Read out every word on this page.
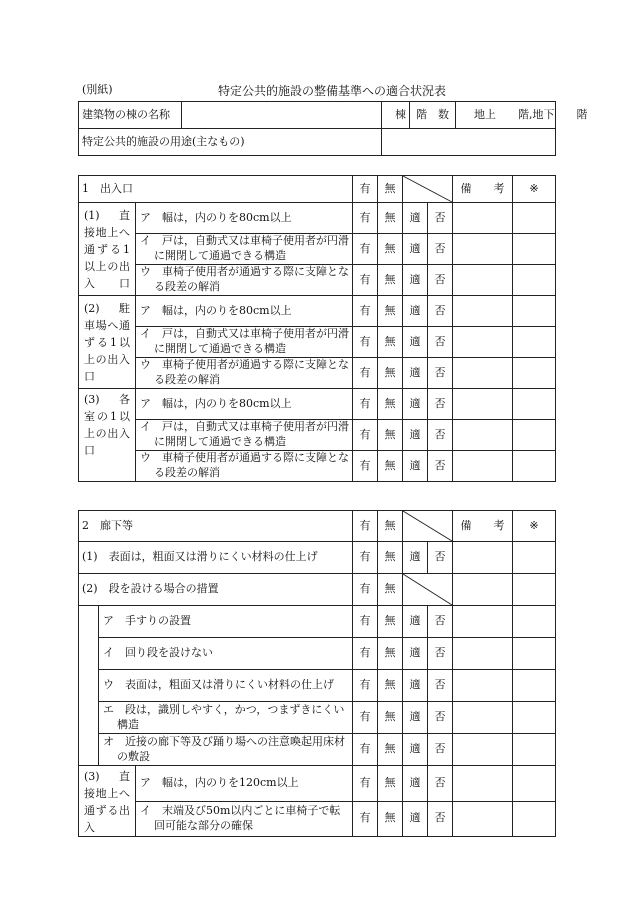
(別紙)	特定公共的施設の整備基準への適合状況表
建築物の棟の名称		棟	階　数	地上　　階,地下　　階
特定公共的施設の用途(主なもの)				
1　出入口		有	無			備　　考	※
(1)　直接地上へ通ずる1以上の出入口	ア　幅は，内のりを80cm以上	有	無	適	否		
	イ　戸は，自動式又は車椅子使用者が円滑に開閉して通過できる構造	有	無	適	否		
	ウ　車椅子使用者が通過する際に支障となる段差の解消	有	無	適	否		
(2)　駐車場へ通ずる1以上の出入口	ア　幅は，内のりを80cm以上	有	無	適	否		
	イ　戸は，自動式又は車椅子使用者が円滑に開閉して通過できる構造	有	無	適	否		
	ウ　車椅子使用者が通過する際に支障となる段差の解消	有	無	適	否		
(3)　各室の1以上の出入口	ア　幅は，内のりを80cm以上	有	無	適	否		
	イ　戸は，自動式又は車椅子使用者が円滑に開閉して通過できる構造	有	無	適	否		
	ウ　車椅子使用者が通過する際に支障となる段差の解消	有	無	適	否		
2　廊下等			有	無			備　　考	※
(1)　表面は，粗面又は滑りにくい材料の仕上げ			有	無	適	否		
(2)　段を設ける場合の措置			有	無	

	ア　手すりの設置		有	無	適	否		
	イ　回り段を設けない		有	無	適	否		
	ウ　表面は，粗面又は滑りにくい材料の仕上げ		有	無	適	否		
	エ　段は，識別しやすく，かつ，つまずきにくい構造		有	無	適	否		
	オ　近接の廊下等及び踊り場への注意喚起用床材の敷設		有	無	適	否		
(3)　直接地上へ通ずる出入		ア　幅は，内のりを120cm以上	有	無	適	否		
		イ　末端及び50m以内ごとに車椅子で転回可能な部分の確保	有	無	適	否		
